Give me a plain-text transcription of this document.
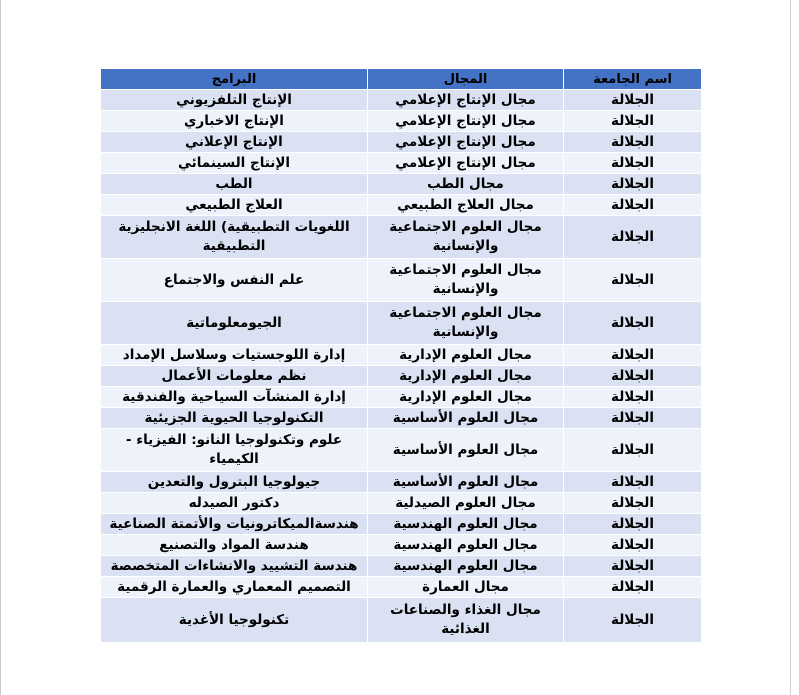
اسم الجامعة	المجال	البرامج
الجلالة	مجال الإنتاج الإعلامي	الإنتاج التلفزيوني
الجلالة	مجال الإنتاج الإعلامي	الإنتاج الاخباري
الجلالة	مجال الإنتاج الإعلامي	الإنتاج الإعلاني
الجلالة	مجال الإنتاج الإعلامي	الإنتاج السينمائي
الجلالة	مجال الطب	الطب
الجلالة	مجال العلاج الطبيعي	العلاج الطبيعي
الجلالة	مجال العلوم الاجتماعية والإنسانية	اللغويات التطبيقية) اللغة الانجليزية التطبيقية
الجلالة	مجال العلوم الاجتماعية والإنسانية	علم النفس والاجتماع
الجلالة	مجال العلوم الاجتماعية والإنسانية	الجيومعلوماتية
الجلالة	مجال العلوم الإدارية	إدارة اللوجستيات وسلاسل الإمداد
الجلالة	مجال العلوم الإدارية	نظم معلومات الأعمال
الجلالة	مجال العلوم الإدارية	إدارة المنشآت السياحية والفندقية
الجلالة	مجال العلوم الأساسية	التكنولوجيا الحيوية الجزيئية
الجلالة	مجال العلوم الأساسية	علوم وتكنولوجيا النانو: الفيزياء - الكيمياء
الجلالة	مجال العلوم الأساسية	جيولوجيا البترول والتعدين
الجلالة	مجال العلوم الصيدلية	دكتور الصيدله
الجلالة	مجال العلوم الهندسية	هندسةالميكاترونيات والأتمتة الصناعية
الجلالة	مجال العلوم الهندسية	هندسة المواد والتصنيع
الجلالة	مجال العلوم الهندسية	هندسة التشييد والانشاءات المتخصصة
الجلالة	مجال العمارة	التصميم المعماري والعمارة الرقمية
الجلالة	مجال الغذاء والصناعات الغذائية	تكنولوجيا الأغدية
